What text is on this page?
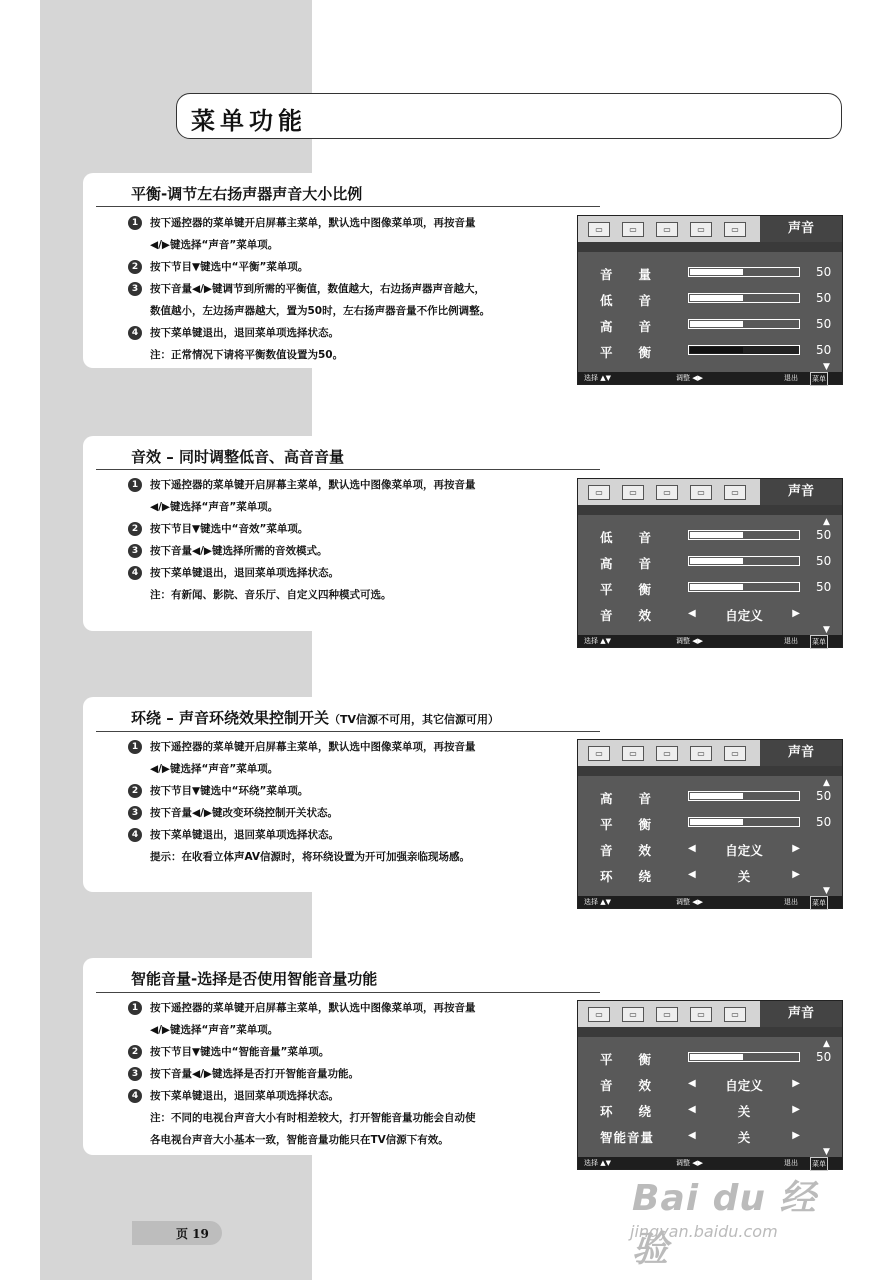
菜单功能
平衡-调节左右扬声器声音大小比例
音效 – 同时调整低音、高音音量
环绕 – 声音环绕效果控制开关（TV信源不可用，其它信源可用）
智能音量-选择是否使用智能音量功能
1	按下遥控器的菜单键开启屏幕主菜单，默认选中图像菜单项，再按音量
◀/▶键选择“声音”菜单项。
2	按下节目▼键选中“平衡”菜单项。
3	按下音量◀/▶键调节到所需的平衡值，数值越大，右边扬声器声音越大，
数值越小，左边扬声器越大，置为50时，左右扬声器音量不作比例调整。
4	按下菜单键退出，退回菜单项选择状态。
注：正常情况下请将平衡数值设置为50。
1	按下遥控器的菜单键开启屏幕主菜单，默认选中图像菜单项，再按音量
◀/▶键选择“声音”菜单项。
2	按下节目▼键选中“音效”菜单项。
3	按下音量◀/▶键选择所需的音效模式。
4	按下菜单键退出，退回菜单项选择状态。
注：有新闻、影院、音乐厅、自定义四种模式可选。
1	按下遥控器的菜单键开启屏幕主菜单，默认选中图像菜单项，再按音量
◀/▶键选择“声音”菜单项。
2	按下节目▼键选中“环绕”菜单项。
3	按下音量◀/▶键改变环绕控制开关状态。
4	按下菜单键退出，退回菜单项选择状态。
提示：在收看立体声AV信源时，将环绕设置为开可加强亲临现场感。
1	按下遥控器的菜单键开启屏幕主菜单，默认选中图像菜单项，再按音量
◀/▶键选择“声音”菜单项。
2	按下节目▼键选中“智能音量”菜单项。
3	按下音量◀/▶键选择是否打开智能音量功能。
4	按下菜单键退出，退回菜单项选择状态。
注：不同的电视台声音大小有时相差较大，打开智能音量功能会自动使
各电视台声音大小基本一致，智能音量功能只在TV信源下有效。
▭	▭	▭	▭	▭	声音
音量	50
低音	50
高音	50
平衡	50
▼
选择 ▲▼	调整 ◀▶	退出 菜单
▭	▭	▭	▭	▭	声音
▲
低音	50
高音	50
平衡	50
音效 ◀	自定义	▶
▼
选择 ▲▼	调整 ◀▶	退出 菜单
▭	▭	▭	▭	▭	声音
▲
高音	50
平衡	50
音效 ◀	自定义	▶
环绕 ◀	关	▶
▼
选择 ▲▼	调整 ◀▶	退出 菜单
▭	▭	▭	▭	▭	声音
▲
平衡	50
音效 ◀	自定义	▶
环绕 ◀	关	▶
智能音量	◀	关	▶
▼
选择 ▲▼	调整 ◀▶	退出 菜单
页 19
Bai du 经验
jingyan.baidu.com
